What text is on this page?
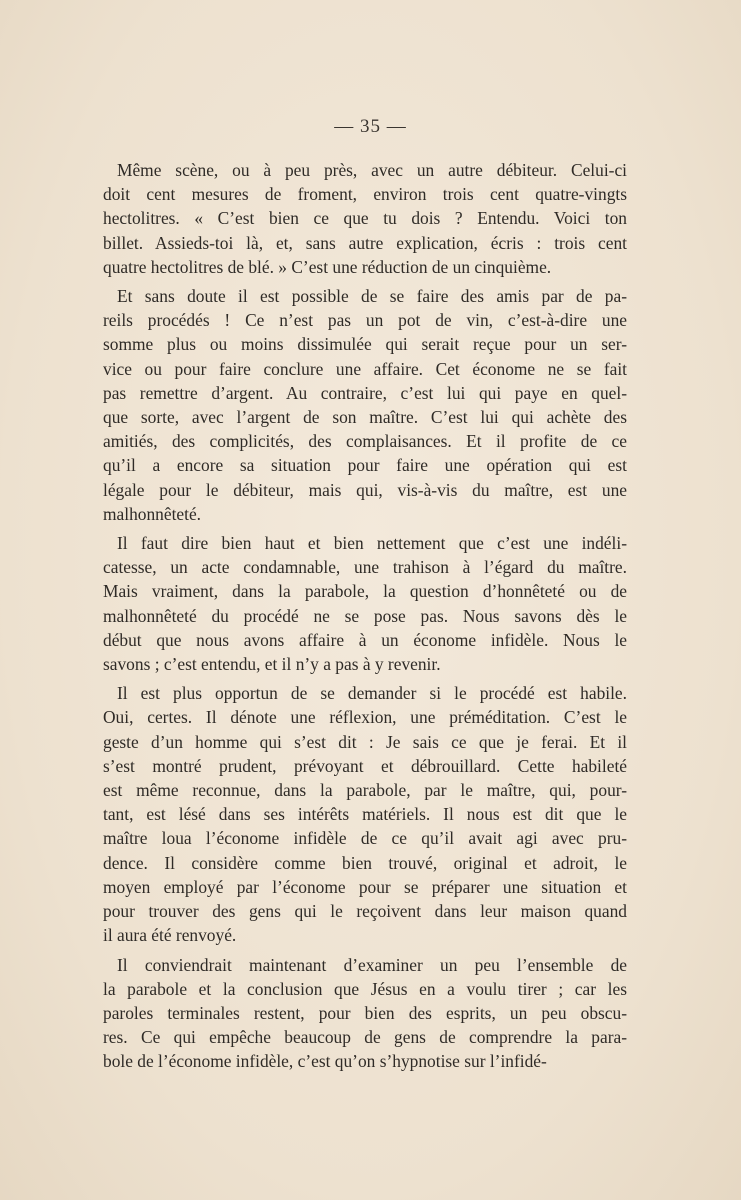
— 35 —
Même scène, ou à peu près, avec un autre débiteur. Celui-ci
doit cent mesures de froment, environ trois cent quatre-vingts
hectolitres. « C’est bien ce que tu dois ? Entendu. Voici ton
billet. Assieds-toi là, et, sans autre explication, écris : trois cent
quatre hectolitres de blé. » C’est une réduction de un cinquième.
Et sans doute il est possible de se faire des amis par de pa-
reils procédés ! Ce n’est pas un pot de vin, c’est-à-dire une
somme plus ou moins dissimulée qui serait reçue pour un ser-
vice ou pour faire conclure une affaire. Cet économe ne se fait
pas remettre d’argent. Au contraire, c’est lui qui paye en quel-
que sorte, avec l’argent de son maître. C’est lui qui achète des
amitiés, des complicités, des complaisances. Et il profite de ce
qu’il a encore sa situation pour faire une opération qui est
légale pour le débiteur, mais qui, vis-à-vis du maître, est une
malhonnêteté.
Il faut dire bien haut et bien nettement que c’est une indéli-
catesse, un acte condamnable, une trahison à l’égard du maître.
Mais vraiment, dans la parabole, la question d’honnêteté ou de
malhonnêteté du procédé ne se pose pas. Nous savons dès le
début que nous avons affaire à un économe infidèle. Nous le
savons ; c’est entendu, et il n’y a pas à y revenir.
Il est plus opportun de se demander si le procédé est habile.
Oui, certes. Il dénote une réflexion, une préméditation. C’est le
geste d’un homme qui s’est dit : Je sais ce que je ferai. Et il
s’est montré prudent, prévoyant et débrouillard. Cette habileté
est même reconnue, dans la parabole, par le maître, qui, pour-
tant, est lésé dans ses intérêts matériels. Il nous est dit que le
maître loua l’économe infidèle de ce qu’il avait agi avec pru-
dence. Il considère comme bien trouvé, original et adroit, le
moyen employé par l’économe pour se préparer une situation et
pour trouver des gens qui le reçoivent dans leur maison quand
il aura été renvoyé.
Il conviendrait maintenant d’examiner un peu l’ensemble de
la parabole et la conclusion que Jésus en a voulu tirer ; car les
paroles terminales restent, pour bien des esprits, un peu obscu-
res. Ce qui empêche beaucoup de gens de comprendre la para-
bole de l’économe infidèle, c’est qu’on s’hypnotise sur l’infidé-
